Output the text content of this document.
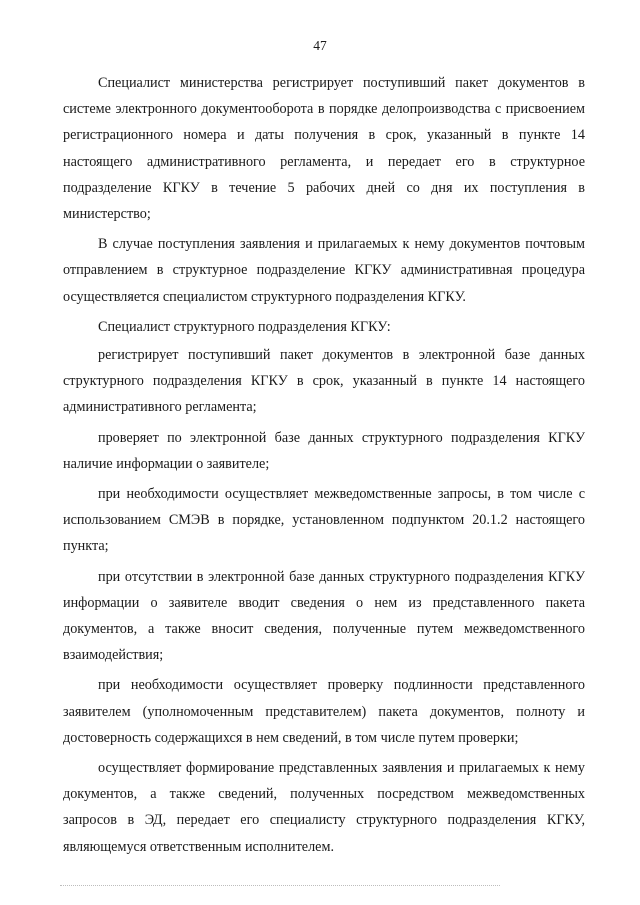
47

Специалист министерства регистрирует поступивший пакет документов в системе электронного документооборота в порядке делопроизводства с присвоением регистрационного номера и даты получения в срок, указанный в пункте 14 настоящего административного регламента, и передает его в структурное подразделение КГКУ в течение 5 рабочих дней со дня их поступления в министерство;

В случае поступления заявления и прилагаемых к нему документов почтовым отправлением в структурное подразделение КГКУ административная процедура осуществляется специалистом структурного подразделения КГКУ.

Специалист структурного подразделения КГКУ:

регистрирует поступивший пакет документов в электронной базе данных структурного подразделения КГКУ в срок, указанный в пункте 14 настоящего административного регламента;

проверяет по электронной базе данных структурного подразделения КГКУ наличие информации о заявителе;

при необходимости осуществляет межведомственные запросы, в том числе с использованием СМЭВ в порядке, установленном подпунктом 20.1.2 настоящего пункта;

при отсутствии в электронной базе данных структурного подразделения КГКУ информации о заявителе вводит сведения о нем из представленного пакета документов, а также вносит сведения, полученные путем межведомственного взаимодействия;

при необходимости осуществляет проверку подлинности представленного заявителем (уполномоченным представителем) пакета документов, полноту и достоверность содержащихся в нем сведений, в том числе путем проверки;

осуществляет формирование представленных заявления и прилагаемых к нему документов, а также сведений, полученных посредством межведомственных запросов в ЭД, передает его специалисту структурного подразделения КГКУ, являющемуся ответственным исполнителем.
